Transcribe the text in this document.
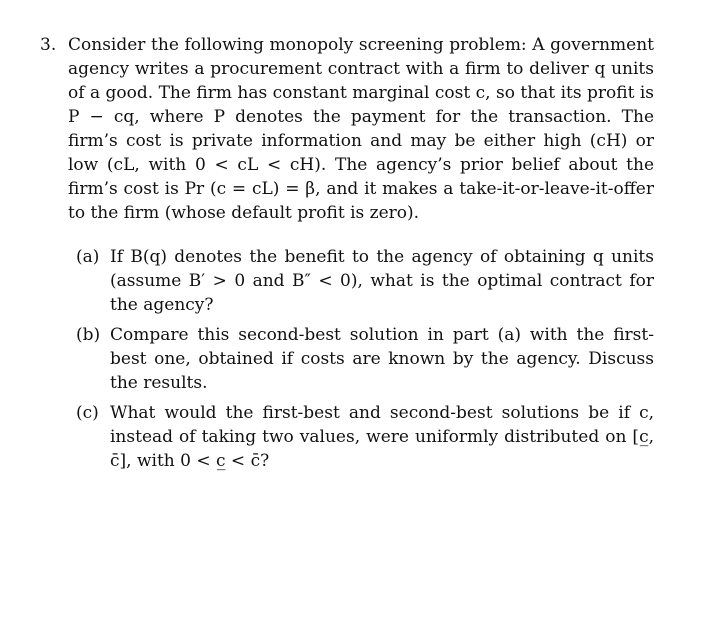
3. Consider the following monopoly screening problem: A government agency writes a procurement contract with a firm to deliver q units of a good. The firm has constant marginal cost c, so that its profit is P − cq, where P denotes the payment for the transaction. The firm’s cost is private information and may be either high (cH) or low (cL, with 0 < cL < cH). The agency’s prior belief about the firm’s cost is Pr (c = cL) = β, and it makes a take-it-or-leave-it-offer to the firm (whose default profit is zero).
(a) If B(q) denotes the benefit to the agency of obtaining q units (assume B′ > 0 and B″ < 0), what is the optimal contract for the agency?
(b) Compare this second-best solution in part (a) with the first-best one, obtained if costs are known by the agency. Discuss the results.
(c) What would the first-best and second-best solutions be if c, instead of taking two values, were uniformly distributed on [c̲, c̄], with 0 < c̲ < c̄?
